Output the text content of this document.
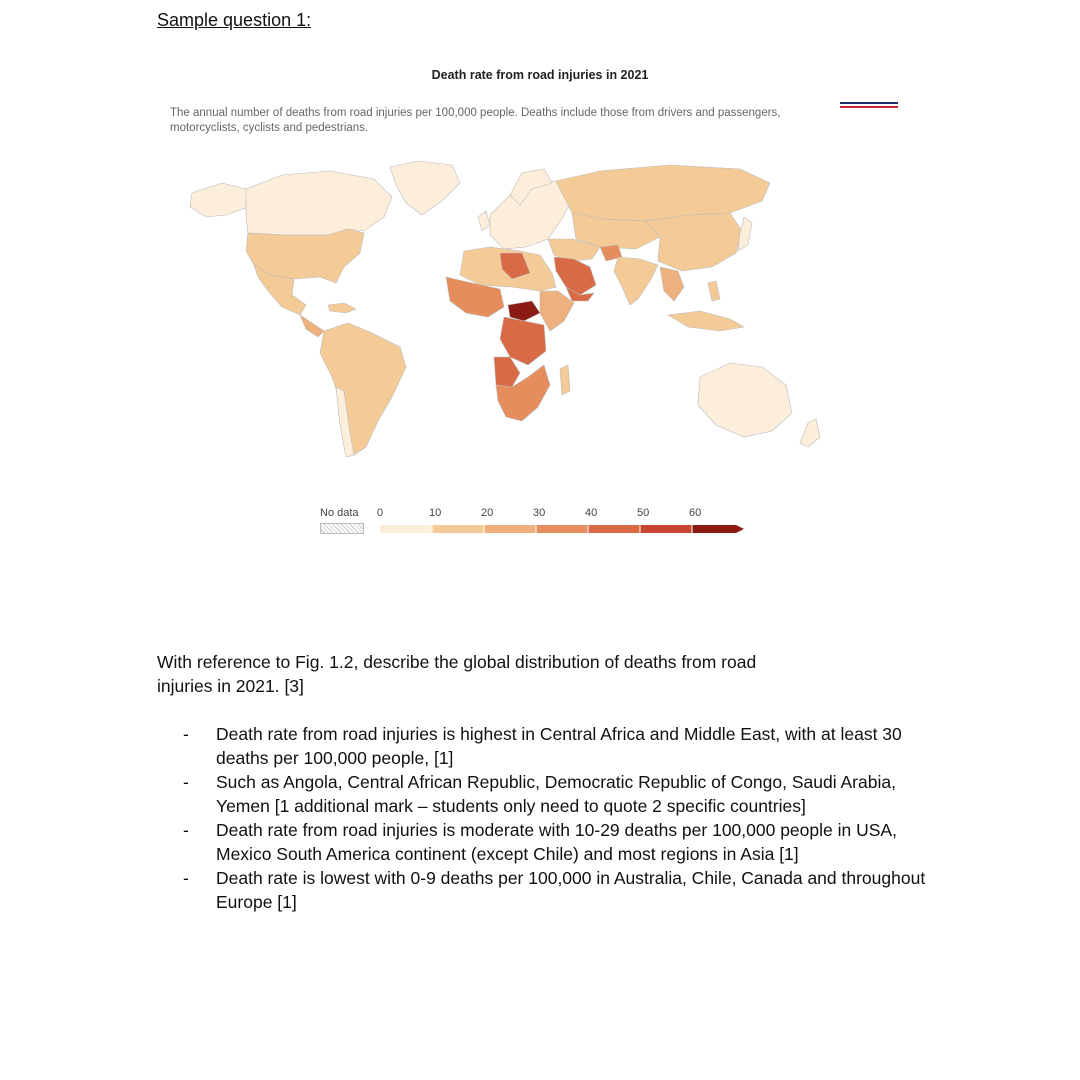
Sample question 1:
Death rate from road injuries in 2021
The annual number of deaths from road injuries per 100,000 people. Deaths include those from drivers and passengers, motorcyclists, cyclists and pedestrians.
No data 0	10	20	30	40	50	60
With reference to Fig. 1.2, describe the global distribution of deaths from road injuries in 2021. [3]
- Death rate from road injuries is highest in Central Africa and Middle East, with at least 30 deaths per 100,000 people, [1]
- Such as Angola, Central African Republic, Democratic Republic of Congo, Saudi Arabia, Yemen [1 additional mark – students only need to quote 2 specific countries]
- Death rate from road injuries is moderate with 10-29 deaths per 100,000 people in USA, Mexico South America continent (except Chile) and most regions in Asia [1]
- Death rate is lowest with 0-9 deaths per 100,000 in Australia, Chile, Canada and throughout Europe [1]
